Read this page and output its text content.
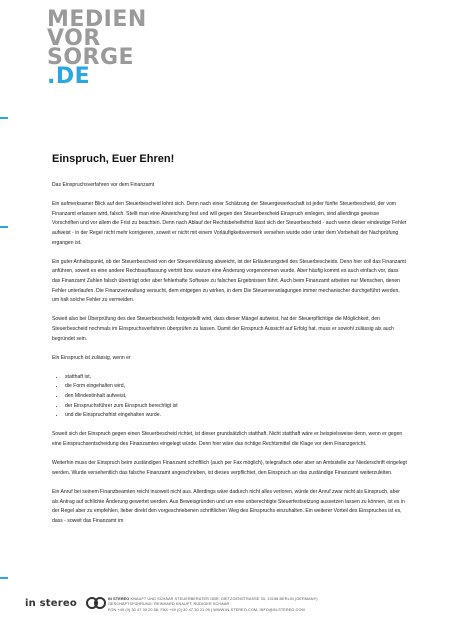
MEDIEN
VOR
SORGE
.DE
Einspruch, Euer Ehren!

Das Einspruchsverfahren vor dem Finanzamt

Ein aufmerksamer Blick auf den Steuerbescheid lohnt sich. Denn nach einer Schätzung der Steuergewerkschaft ist jeder fünfte Steuerbescheid, der vom Finanzamt erlassen wird, falsch. Stellt man eine Abweichung fest und will gegen den Steuerbescheid Einspruch einlegen, sind allerdings gewisse Vorschriften und vor allem die Frist zu beachten. Denn nach Ablauf der Rechtsbehelfsfrist lässt sich der Steuerbescheid - auch wenn dieser eindeutige Fehler aufweist - in der Regel nicht mehr korrigieren, soweit er nicht mit einem Vorläufigkeitsvermerk versehen wurde oder unter dem Vorbehalt der Nachprüfung ergangen ist.

Ein guter Anhaltspunkt, ob der Steuerbescheid von der Steuererklärung abweicht, ist der Erläuterungsteil des Steuerbescheids. Denn hier soll das Finanzamt anführen, soweit es eine andere Rechtsauffassung vertritt bzw. warum eine Änderung vorgenommen wurde. Aber häufig kommt es auch einfach vor, dass das Finanzamt Zahlen falsch überträgt oder aber fehlerhafte Software zu falschen Ergebnissen führt. Auch beim Finanzamt arbeiten nur Menschen, denen Fehler unterlaufen. Die Finanzverwaltung versucht, dem entgegen zu wirken, in dem Die Steuerveranlagungen immer mechanischer durchgeführt werden, um halt solche Fehler zu vermeiden.

Soweit also bei Überprüfung des des Steuerbescheids festgestellt wird, dass dieser Mängel aufweist, hat der Steuerpflichtige die Möglichkeit, den Steuerbescheid nochmals im Einspruchsverfahren überprüfen zu lassen. Damit der Einspruch Aussicht auf Erfolg hat, muss er sowohl zulässig als auch begründet sein.

Ein Einspruch ist zulässig, wenn er

• statthaft ist,
• die Form eingehalten wird,
• den Mindestinhalt aufweist,
• der Einspruchsführer zum Einspruch berechtigt ist
• und die Einspruchsfrist eingehalten wurde.

Soweit sich der Einspruch gegen einen Steuerbescheid richtet, ist dieser grundsätzlich statthaft. Nicht statthaft wäre er beispielsweise denn, wenn er gegen eine Einspruchsentscheidung des Finanzamtes eingelegt würde. Denn hier wäre das richtige Rechtsmittel die Klage vor dem Finanzgericht.

Weiterhin muss der Einspruch beim zuständigen Finanzamt schriftlich (auch per Fax möglich), telegrafisch oder aber an Amtsstelle zur Niederschrift eingelegt werden. Wurde versehentlich das falsche Finanzamt angeschrieben, ist dieses verpflichtet, den Einspruch an das zuständige Finanzamt weiterzuleiten.

Ein Anruf bei seinem Finanzbeamten reicht insoweit nicht aus. Allerdings wäre dadurch nicht alles verloren, würde der Anruf zwar nicht als Einspruch, aber als Antrag auf schlichte Änderung gewertet werden. Aus Beweisgründen und um eine unberechtigte Steuerfestsetzung aussetzen lassen zu können, ist es in der Regel aber zu empfehlen, lieber direkt den vorgeschriebenen schriftlichen Weg des Einspruchs einzuhalten. Ein weiterer Vorteil des Einspruches ist es, dass - soweit das Finanzamt im

in stereo	IN STEREO KNAUFT UND SCHAAR STEUERBERATER GBR, DIETZGENSTRASSE 33, 13156 BERLIN (GERMANY)
GESCHÄFTSFÜHRUNG: REINHARD KNAUFT, RÜDIGER SCHAAR
FON +49 (0) 30 47 30 20 56, FAX +49 (0) 30 47 30 21 09 | WWW.IN-STEREO.COM, INFO@IN-STEREO.COM
